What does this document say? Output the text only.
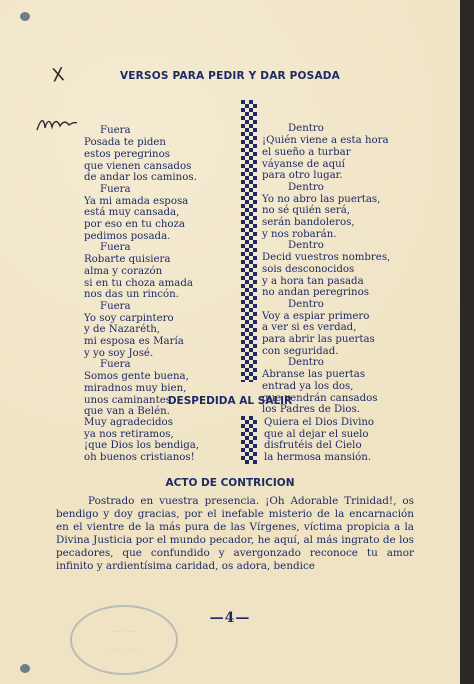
X	VERSOS PARA PEDIR Y DAR POSADA

Fuera
Posada te piden
estos peregrinos
que vienen cansados
de andar los caminos.

Fuera
Ya mi amada esposa
está muy cansada,
por eso en tu choza
pedimos posada.

Fuera
Robarte quisiera
alma y corazón
si en tu choza amada
nos das un rincón.

Fuera
Yo soy carpintero
y de Nazaréth,
mi esposa es María
y yo soy José.

Fuera
Somos gente buena,
miradnos muy bien,
unos caminantes
que van a Belén.

Dentro
¡Quién viene a esta hora
el sueño a turbar
váyanse de aquí
para otro lugar.

Dentro
Yo no abro las puertas,
no sé quién será,
serán bandoleros,
y nos robarán.

Dentro
Decid vuestros nombres,
sois desconocidos
y a hora tan pasada
no andan peregrinos

Dentro
Voy a espiar primero
a ver si es verdad,
para abrir las puertas
con seguridad.

Dentro
Abranse las puertas
entrad ya los dos,
que vendrán cansados
los Padres de Dios.

DESPEDIDA AL SALIR
Muy agradecidos
ya nos retiramos,
¡que Dios los bendiga,
oh buenos cristianos!
Quiera el Dios Divino
que al dejar el suelo
disfrutéis del Cielo
la hermosa mansión.
ACTO DE CONTRICION

Postrado en vuestra presencia. ¡Oh Adorable Trinidad!, os bendigo y doy gracias, por el inefable misterio de la encarnación en el vientre de la más pura de las Vírgenes, víctima propicia a la Divina Justicia por el mundo pecador, he aquí, al más ingrato de los pecadores, que confundido y avergonzado reconoce tu amor infinito y ardientísima caridad, os adora, bendice

· · · · · · · ·
· · · · · · · · · ·
—4—
